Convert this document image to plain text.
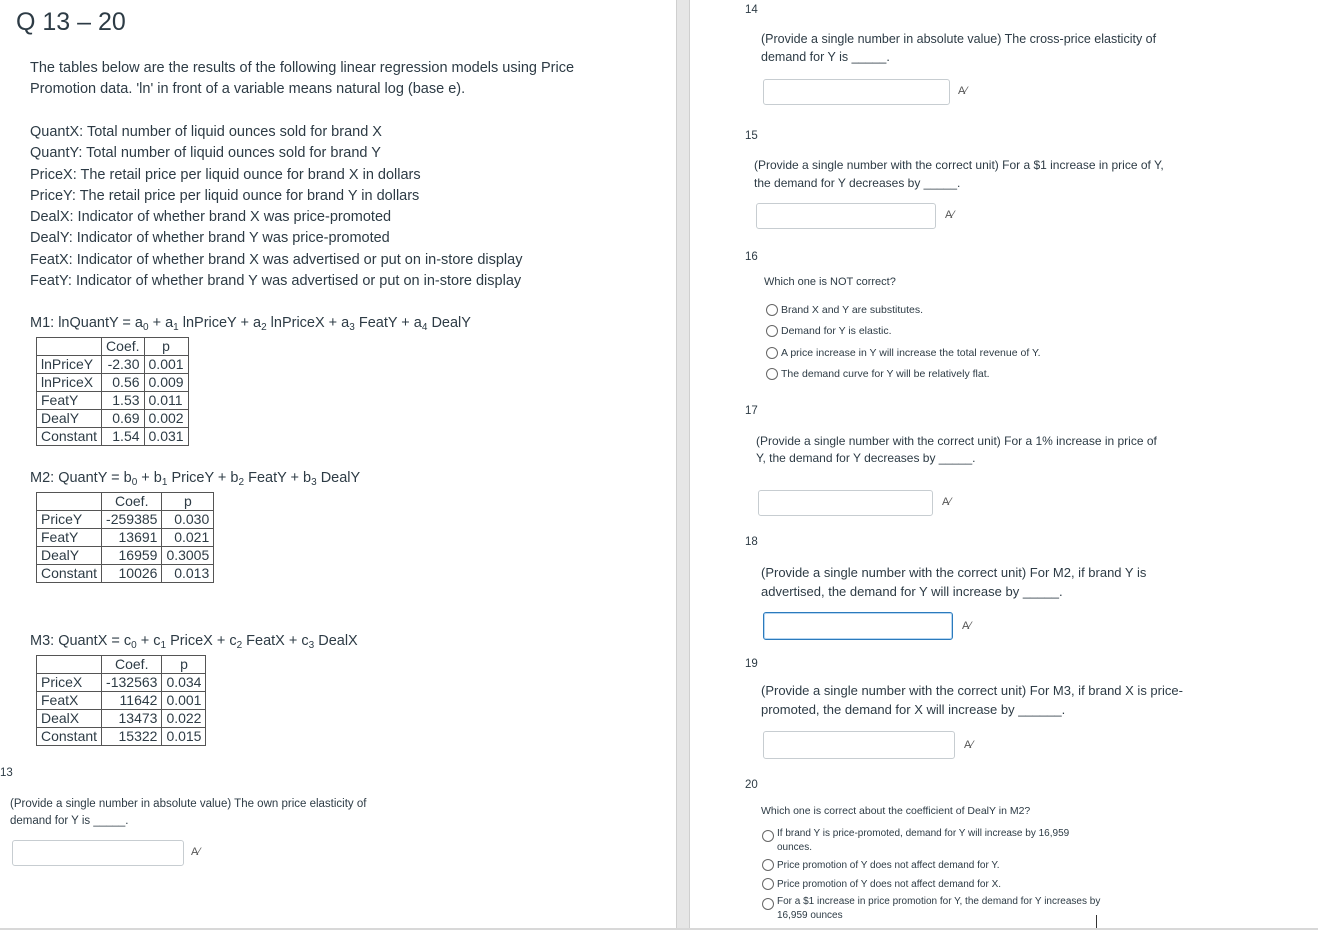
Q 13 – 20
The tables below are the results of the following linear regression models using Price
Promotion data. 'ln' in front of a variable means natural log (base e).
QuantX: Total number of liquid ounces sold for brand X
QuantY: Total number of liquid ounces sold for brand Y
PriceX: The retail price per liquid ounce for brand X in dollars
PriceY: The retail price per liquid ounce for brand Y in dollars
DealX: Indicator of whether brand X was price-promoted
DealY: Indicator of whether brand Y was price-promoted
FeatX: Indicator of whether brand X was advertised or put on in-store display
FeatY: Indicator of whether brand Y was advertised or put on in-store display
M1: lnQuantY = $a_0 + a_1$ lnPriceY + $a_2$ lnPriceX + $a_3$ FeatY + $a_4$ DealY
	Coef.	p
lnPriceY	-2.30	0.001
lnPriceX	0.56	0.009
FeatY	1.53	0.011
DealY	0.69	0.002
Constant	1.54	0.031
M2: QuantY = $b_0 + b_1$ PriceY + $b_2$ FeatY + $b_3$ DealY
	Coef.	p
PriceY	-259385	0.030
FeatY	13691	0.021
DealY	16959	0.3005
Constant	10026	0.013
M3: QuantX = $c_0 + c_1$ PriceX + $c_2$ FeatX + $c_3$ DealX
	Coef.	p
PriceX	-132563	0.034
FeatX	11642	0.001
DealX	13473	0.022
Constant	15322	0.015
13
(Provide a single number in absolute value) The own price elasticity of
demand for Y is _____.
A⁄
14
(Provide a single number in absolute value) The cross-price elasticity of
demand for Y is _____.
A⁄
15
(Provide a single number with the correct unit) For a $1 increase in price of Y,
the demand for Y decreases by _____.
A⁄
16
Which one is NOT correct?
Brand X and Y are substitutes.
Demand for Y is elastic.
A price increase in Y will increase the total revenue of Y.
The demand curve for Y will be relatively flat.
17
(Provide a single number with the correct unit) For a 1% increase in price of
Y, the demand for Y decreases by _____.
A⁄
18
(Provide a single number with the correct unit) For M2, if brand Y is
advertised, the demand for Y will increase by _____.
A⁄
19
(Provide a single number with the correct unit) For M3, if brand X is price-
promoted, the demand for X will increase by ______.
A⁄
20
Which one is correct about the coefficient of DealY in M2?
If brand Y is price-promoted, demand for Y will increase by 16,959
ounces.
Price promotion of Y does not affect demand for Y.
Price promotion of Y does not affect demand for X.
For a $1 increase in price promotion for Y, the demand for Y increases by
16,959 ounces
